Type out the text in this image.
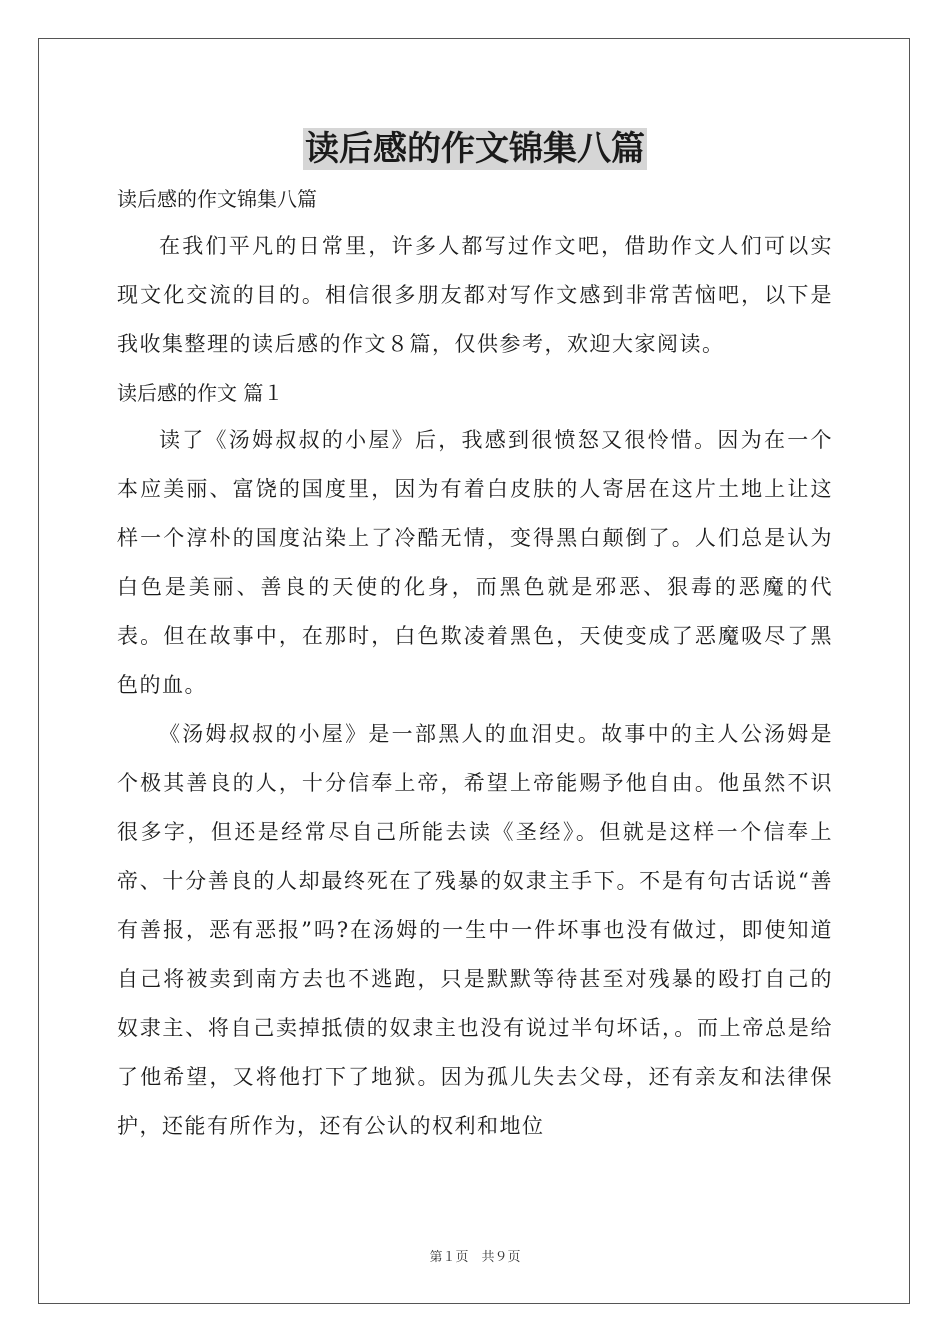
读后感的作文锦集八篇
读后感的作文锦集八篇

在我们平凡的日常里，许多人都写过作文吧，借助作文人们可以实现文化交流的目的。相信很多朋友都对写作文感到非常苦恼吧，以下是我收集整理的读后感的作文８篇，仅供参考，欢迎大家阅读。

读后感的作文 篇１

读了《汤姆叔叔的小屋》后，我感到很愤怒又很怜惜。因为在一个本应美丽、富饶的国度里，因为有着白皮肤的人寄居在这片土地上让这样一个淳朴的国度沾染上了冷酷无情，变得黑白颠倒了。人们总是认为白色是美丽、善良的天使的化身，而黑色就是邪恶、狠毒的恶魔的代表。但在故事中，在那时，白色欺凌着黑色，天使变成了恶魔吸尽了黑色的血。

《汤姆叔叔的小屋》是一部黑人的血泪史。故事中的主人公汤姆是个极其善良的人，十分信奉上帝，希望上帝能赐予他自由。他虽然不识很多字，但还是经常尽自己所能去读《圣经》。但就是这样一个信奉上帝、十分善良的人却最终死在了残暴的奴隶主手下。不是有句古话说“善有善报，恶有恶报”吗?在汤姆的一生中一件坏事也没有做过，即使知道自己将被卖到南方去也不逃跑，只是默默等待甚至对残暴的殴打自己的奴隶主、将自己卖掉抵债的奴隶主也没有说过半句坏话，。而上帝总是给了他希望，又将他打下了地狱。因为孤儿失去父母，还有亲友和法律保护，还能有所作为，还有公认的权利和地位

第１页　共９页
